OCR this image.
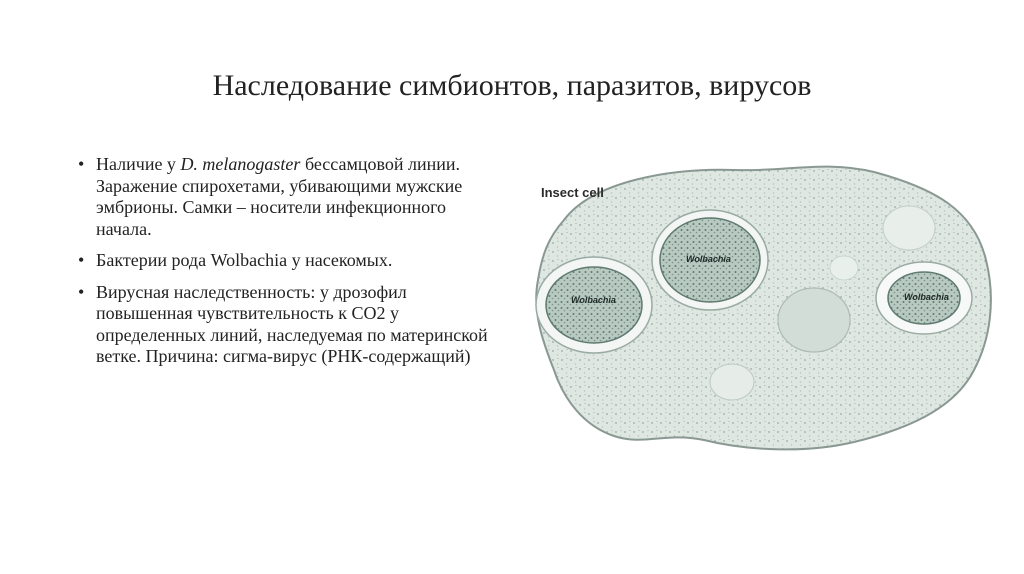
Наследование симбионтов, паразитов, вирусов
• Наличие у D. melanogaster бессамцовой линии. Заражение спирохетами, убивающими мужские эмбрионы. Самки – носители инфекционного начала.
• Бактерии рода Wolbachia у насекомых.
• Вирусная наследственность: у дрозофил повышенная чувствительность к СО2 у определенных линий, наследуемая по материнской ветке. Причина: сигма-вирус (РНК-содержащий)
Wolbachia
Wolbachia
Wolbachia
Insect cell
